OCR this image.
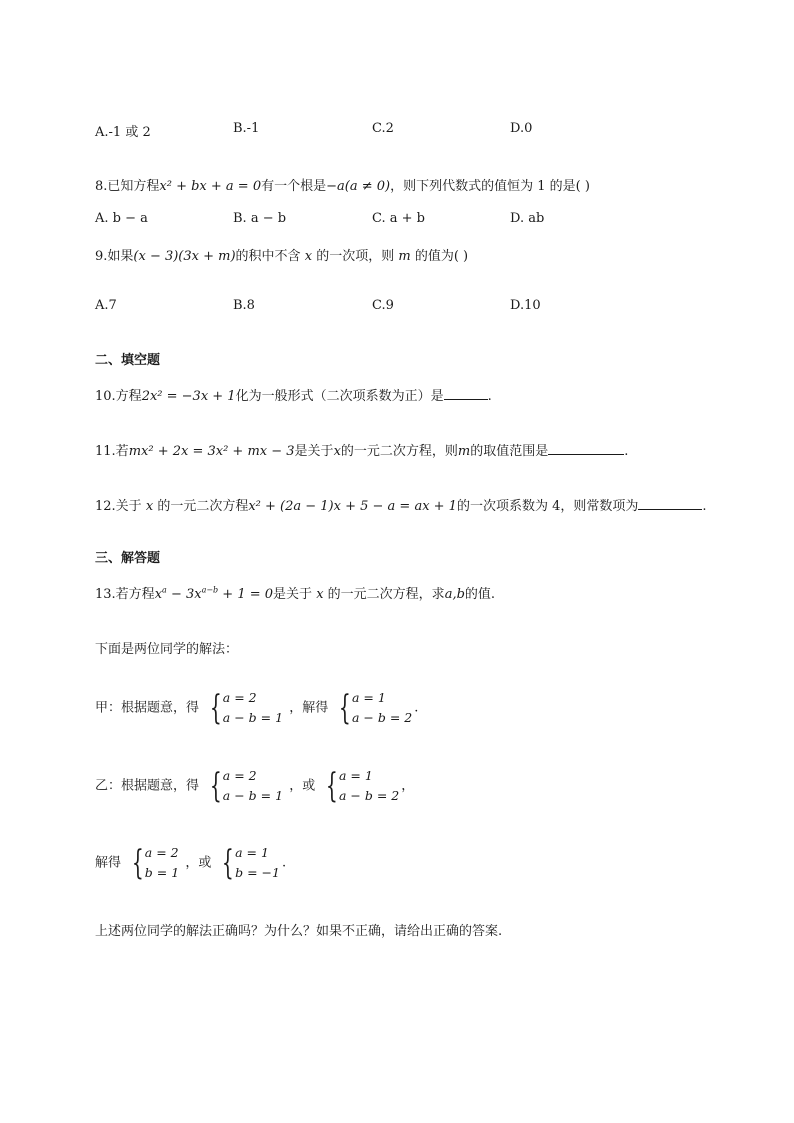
A.-1 或 2	B.-1	C.2	D.0
8.已知方程x² + bx + a = 0有一个根是−a(a ≠ 0)，则下列代数式的值恒为 1 的是( )
A. b − a	B. a − b	C. a + b	D. ab
9.如果(x − 3)(3x + m)的积中不含 x 的一次项，则 m 的值为( )
A.7	B.8	C.9	D.10
二、填空题
10.方程2x² = −3x + 1化为一般形式（二次项系数为正）是	.
11.若mx² + 2x = 3x² + mx − 3是关于x的一元二次方程，则m的取值范围是	.
12.关于 x 的一元二次方程x² + (2a − 1)x + 5 − a = ax + 1的一次项系数为 4，则常数项为	.
三、解答题
13.若方程$x^a - 3x^{a-b} + 1 = 0$是关于 x 的一元二次方程，求a,b的值.
下面是两位同学的解法：
甲：根据题意，得 { a = 2
a − b = 1
，解得 { a = 1
a − b = 2
.
乙：根据题意，得 { a = 2
a − b = 1
，或 { a = 1
a − b = 2
，
解得 { a = 2
b = 1
，或 { a = 1
b = −1
.
上述两位同学的解法正确吗？为什么？如果不正确，请给出正确的答案.
